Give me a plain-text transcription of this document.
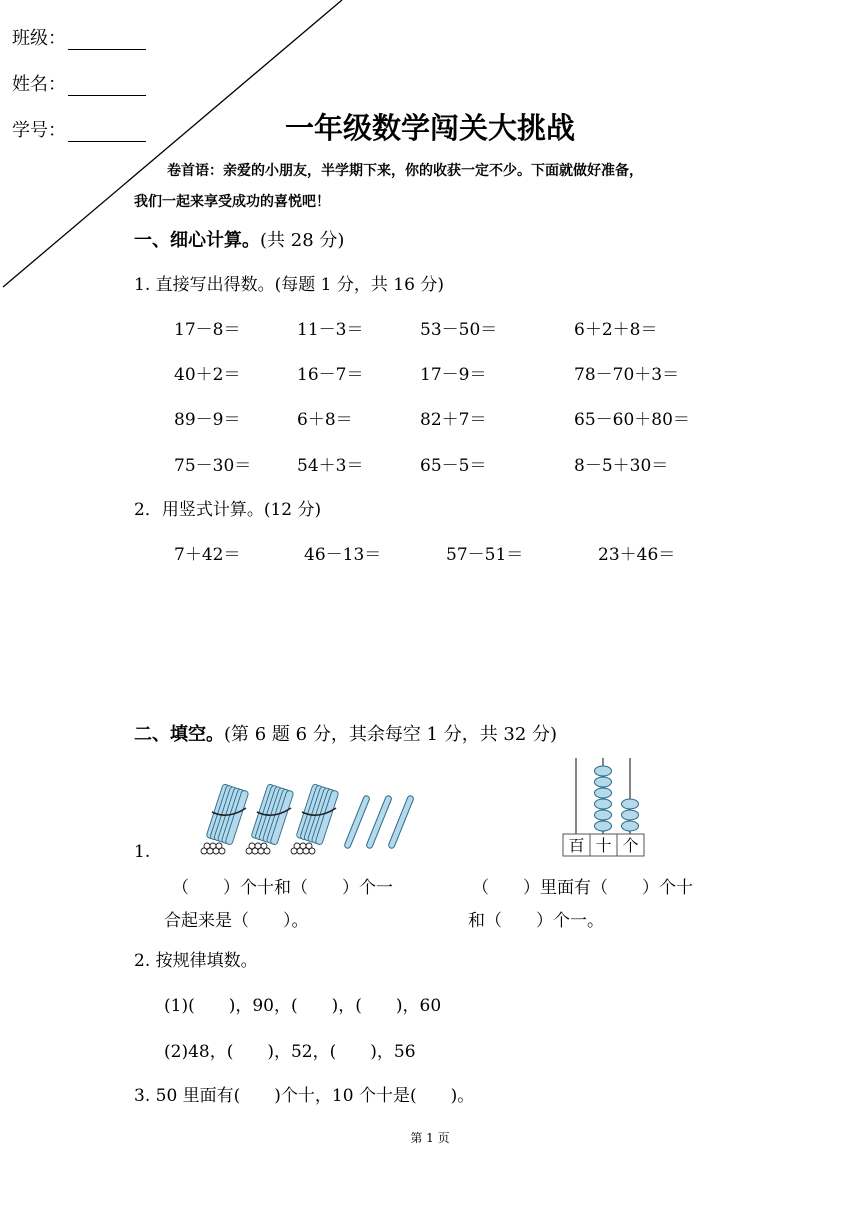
班级：
姓名：
学号：	一年级数学闯关大挑战
卷首语：亲爱的小朋友，半学期下来，你的收获一定不少。下面就做好准备，
我们一起来享受成功的喜悦吧！
一、细心计算。(共 28 分)
1. 直接写出得数。(每题 1 分，共 16 分)
17－8＝	11－3＝	53－50＝	6＋2＋8＝
40＋2＝	16－7＝	17－9＝	78－70＋3＝
89－9＝	6＋8＝	82＋7＝	65－60＋80＝
75－30＝	54＋3＝	65－5＝	8－5＋30＝
2．用竖式计算。(12 分)
7＋42＝	46－13＝	57－51＝	23＋46＝
二、填空。(第 6 题 6 分，其余每空 1 分，共 32 分)
1.	百 十 个
（　　）个十和（　　）个一
合起来是（　　）。
（　　）里面有（　　）个十
和（　　）个一。
2. 按规律填数。
(1)(　　)，90，(　　)，(　　)，60
(2)48，(　　)，52，(　　)，56
3. 50 里面有(　　)个十，10 个十是(　　)。
第 1 页
